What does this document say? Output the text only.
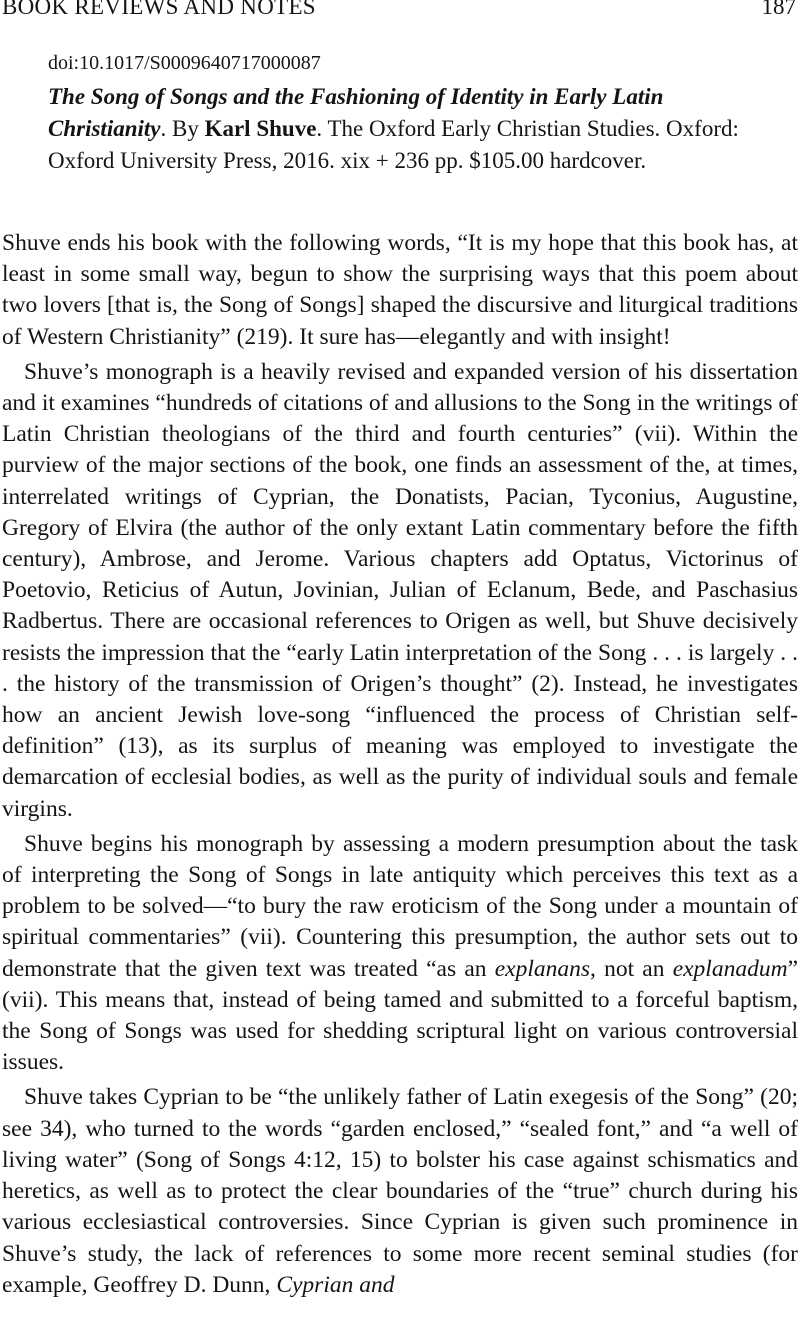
BOOK REVIEWS AND NOTES	187
doi:10.1017/S0009640717000087
The Song of Songs and the Fashioning of Identity in Early Latin Christianity. By Karl Shuve. The Oxford Early Christian Studies. Oxford: Oxford University Press, 2016. xix + 236 pp. $105.00 hardcover.

Shuve ends his book with the following words, “It is my hope that this book has, at least in some small way, begun to show the surprising ways that this poem about two lovers [that is, the Song of Songs] shaped the discursive and liturgical traditions of Western Christianity” (219). It sure has—elegantly and with insight!

Shuve’s monograph is a heavily revised and expanded version of his dissertation and it examines “hundreds of citations of and allusions to the Song in the writings of Latin Christian theologians of the third and fourth centuries” (vii). Within the purview of the major sections of the book, one finds an assessment of the, at times, interrelated writings of Cyprian, the Donatists, Pacian, Tyconius, Augustine, Gregory of Elvira (the author of the only extant Latin commentary before the fifth century), Ambrose, and Jerome. Various chapters add Optatus, Victorinus of Poetovio, Reticius of Autun, Jovinian, Julian of Eclanum, Bede, and Paschasius Radbertus. There are occasional references to Origen as well, but Shuve decisively resists the impression that the “early Latin interpretation of the Song . . . is largely . . . the history of the transmission of Origen’s thought” (2). Instead, he investigates how an ancient Jewish love-song “influenced the process of Christian self-definition” (13), as its surplus of meaning was employed to investigate the demarcation of ecclesial bodies, as well as the purity of individual souls and female virgins.

Shuve begins his monograph by assessing a modern presumption about the task of interpreting the Song of Songs in late antiquity which perceives this text as a problem to be solved—“to bury the raw eroticism of the Song under a mountain of spiritual commentaries” (vii). Countering this presumption, the author sets out to demonstrate that the given text was treated “as an explanans, not an explanadum” (vii). This means that, instead of being tamed and submitted to a forceful baptism, the Song of Songs was used for shedding scriptural light on various controversial issues.

Shuve takes Cyprian to be “the unlikely father of Latin exegesis of the Song” (20; see 34), who turned to the words “garden enclosed,” “sealed font,” and “a well of living water” (Song of Songs 4:12, 15) to bolster his case against schismatics and heretics, as well as to protect the clear boundaries of the “true” church during his various ecclesiastical controversies. Since Cyprian is given such prominence in Shuve’s study, the lack of references to some more recent seminal studies (for example, Geoffrey D. Dunn, Cyprian and
